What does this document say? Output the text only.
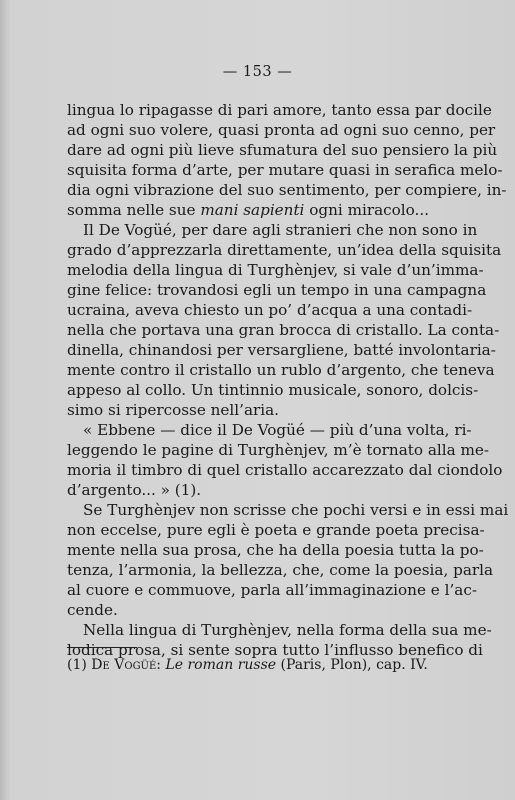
— 153 —
lingua lo ripagasse di pari amore, tanto essa par docile
ad ogni suo volere, quasi pronta ad ogni suo cenno, per
dare ad ogni più lieve sfumatura del suo pensiero la più
squisita forma d’arte, per mutare quasi in serafica melo-
dia ogni vibrazione del suo sentimento, per compiere, in-
somma nelle sue mani sapienti ogni miracolo...
Il De Vogüé, per dare agli stranieri che non sono in
grado d’apprezzarla direttamente, un’idea della squisita
melodia della lingua di Turghènjev, si vale d’un’imma-
gine felice: trovandosi egli un tempo in una campagna
ucraina, aveva chiesto un po’ d’acqua a una contadi-
nella che portava una gran brocca di cristallo. La conta-
dinella, chinandosi per versargliene, batté involontaria-
mente contro il cristallo un rublo d’argento, che teneva
appeso al collo. Un tintinnio musicale, sonoro, dolcis-
simo si ripercosse nell’aria.
« Ebbene — dice il De Vogüé — più d’una volta, ri-
leggendo le pagine di Turghènjev, m’è tornato alla me-
moria il timbro di quel cristallo accarezzato dal ciondolo
d’argento... » (1).
Se Turghènjev non scrisse che pochi versi e in essi mai
non eccelse, pure egli è poeta e grande poeta precisa-
mente nella sua prosa, che ha della poesia tutta la po-
tenza, l’armonia, la bellezza, che, come la poesia, parla
al cuore e commuove, parla all’immaginazione e l’ac-
cende.
Nella lingua di Turghènjev, nella forma della sua me-
lodica prosa, si sente sopra tutto l’influsso benefico di
(1) De Vogüé: Le roman russe (Paris, Plon), cap. IV.
